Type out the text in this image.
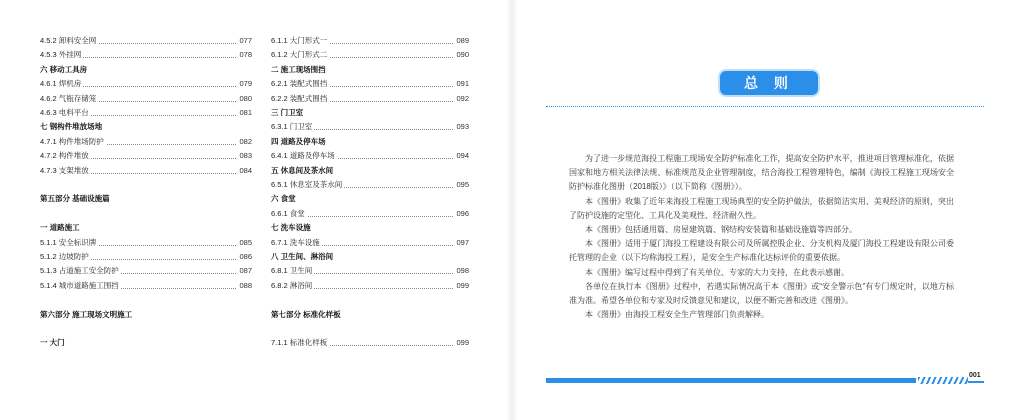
4.5.2 卸料安全网	077
4.5.3 外挂网	078
六 移动工具房
4.6.1 焊机房	079
4.6.2 气瓶存储笼	080
4.6.3 电料平台	081
七 钢构件堆放场地
4.7.1 构件堆场防护	082
4.7.2 构件堆放	083
4.7.3 支架堆放	084
第五部分 基础设施篇
一 道路施工
5.1.1 安全标识牌	085
5.1.2 边坡防护	086
5.1.3 占道施工安全防护	087
5.1.4 城市道路施工围挡	088
第六部分 施工现场文明施工
一 大门
6.1.1 大门形式一	089
6.1.2 大门形式二	090
二 施工现场围挡
6.2.1 装配式围挡	091
6.2.2 装配式围挡	092
三 门卫室
6.3.1 门卫室	093
四 道路及停车场
6.4.1 道路及停车场	094
五 休息间及茶水间
6.5.1 休息室及茶水间	095
六 食堂
6.6.1 食堂	096
七 洗车设施
6.7.1 洗车设施	097
八 卫生间、淋浴间
6.8.1 卫生间	098
6.8.2 淋浴间	099
第七部分 标准化样板
7.1.1 标准化样板	099
总 则

为了进一步规范海投工程施工现场安全防护标准化工作，提高安全防护水平，推进项目管理标准化，依据国家和地方相关法律法规、标准规范及企业管理制度，结合海投工程管理特色，编制《海投工程施工现场安全防护标准化图册（2018版）》（以下简称《图册》）。

本《图册》收集了近年来海投工程施工现场典型的安全防护做法，依据简洁实用、美观经济的原则，突出了防护设施的定型化、工具化及美观性、经济耐久性。

本《图册》包括通用篇、房屋建筑篇、钢结构安装篇和基础设施篇等四部分。

本《图册》适用于厦门海投工程建设有限公司及所属控股企业、分支机构及厦门海投工程建设有限公司委托管理的企业（以下均称海投工程），是安全生产标准化达标评价的重要依据。

本《图册》编写过程中得到了有关单位、专家的大力支持，在此表示感谢。

各单位在执行本《图册》过程中，若遇实际情况高于本《图册》或“安全警示色”有专门规定时，以地方标准为准。希望各单位和专家及时反馈意见和建议，以便不断完善和改进《图册》。

本《图册》由海投工程安全生产管理部门负责解释。

001
